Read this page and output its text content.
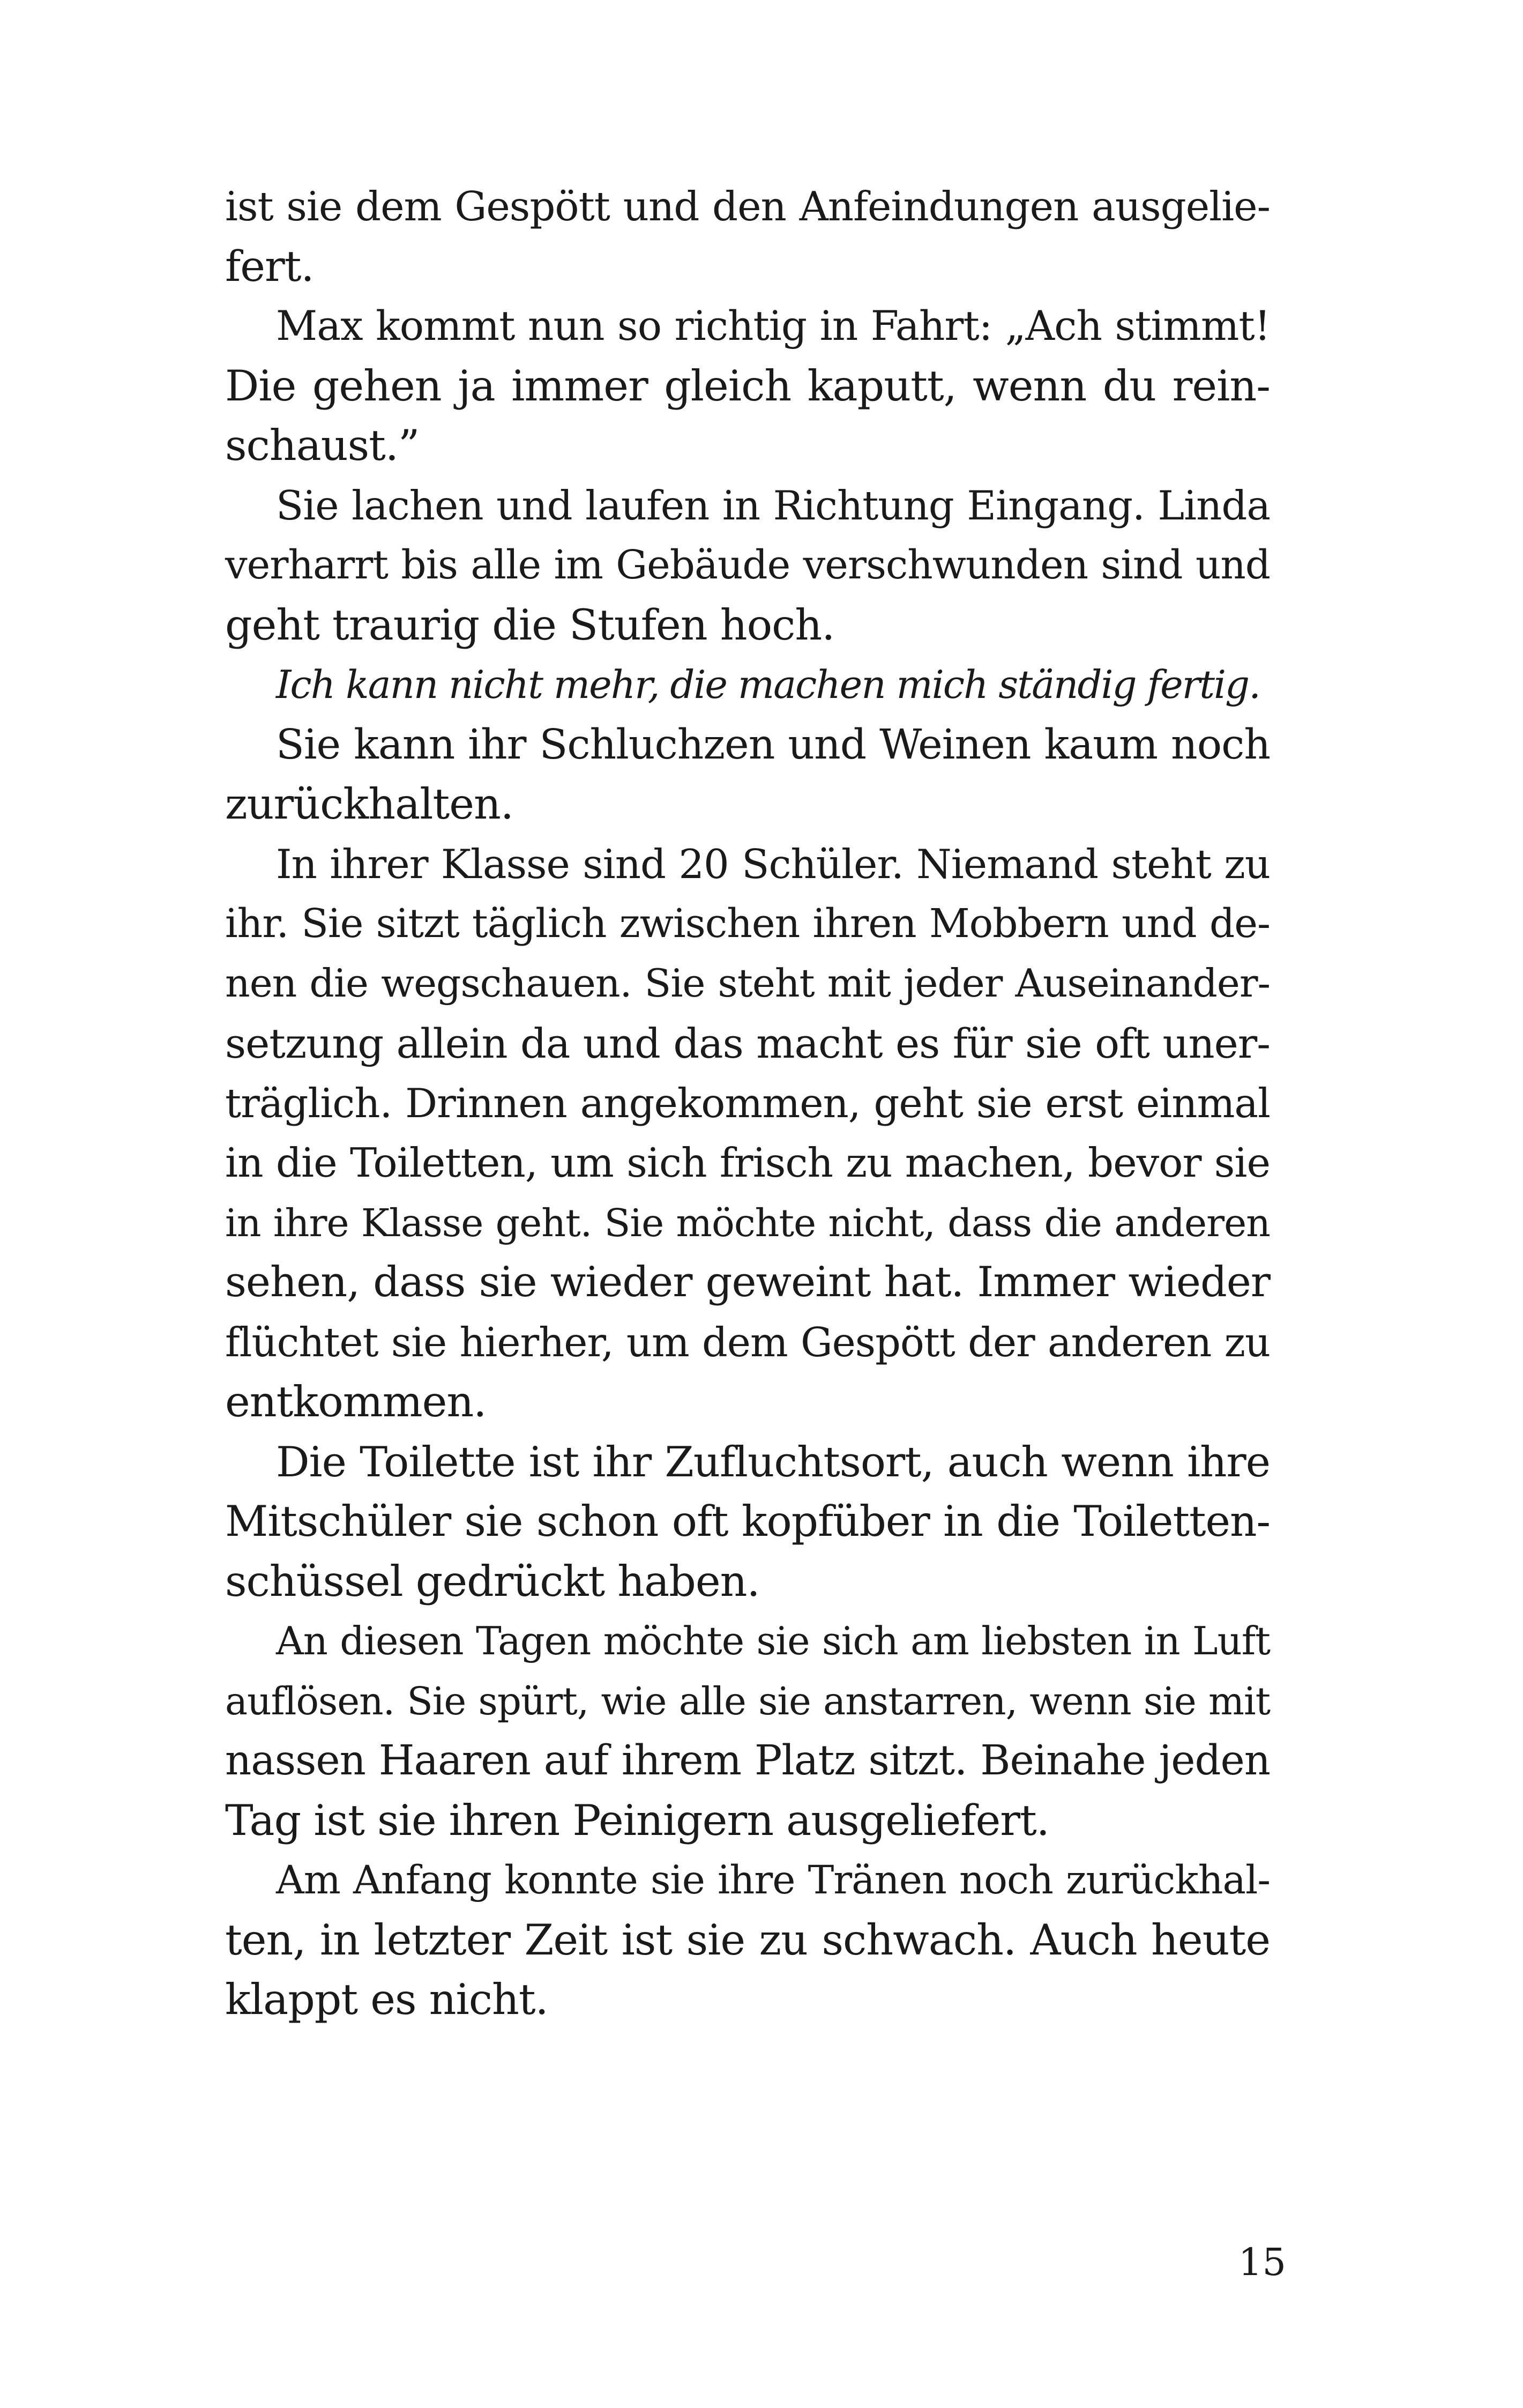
ist sie dem Gespött und den Anfeindungen ausgelie-
fert.
Max kommt nun so richtig in Fahrt: „Ach stimmt!
Die gehen ja immer gleich kaputt, wenn du rein-
schaust.”
Sie lachen und laufen in Richtung Eingang. Linda
verharrt bis alle im Gebäude verschwunden sind und
geht traurig die Stufen hoch.
Ich kann nicht mehr, die machen mich ständig fertig.
Sie kann ihr Schluchzen und Weinen kaum noch
zurückhalten.
In ihrer Klasse sind 20 Schüler. Niemand steht zu
ihr. Sie sitzt täglich zwischen ihren Mobbern und de-
nen die wegschauen. Sie steht mit jeder Auseinander-
setzung allein da und das macht es für sie oft uner-
träglich. Drinnen angekommen, geht sie erst einmal
in die Toiletten, um sich frisch zu machen, bevor sie
in ihre Klasse geht. Sie möchte nicht, dass die anderen
sehen, dass sie wieder geweint hat. Immer wieder
flüchtet sie hierher, um dem Gespött der anderen zu
entkommen.
Die Toilette ist ihr Zufluchtsort, auch wenn ihre
Mitschüler sie schon oft kopfüber in die Toiletten-
schüssel gedrückt haben.
An diesen Tagen möchte sie sich am liebsten in Luft
auflösen. Sie spürt, wie alle sie anstarren, wenn sie mit
nassen Haaren auf ihrem Platz sitzt. Beinahe jeden
Tag ist sie ihren Peinigern ausgeliefert.
Am Anfang konnte sie ihre Tränen noch zurückhal-
ten, in letzter Zeit ist sie zu schwach. Auch heute
klappt es nicht.
15
